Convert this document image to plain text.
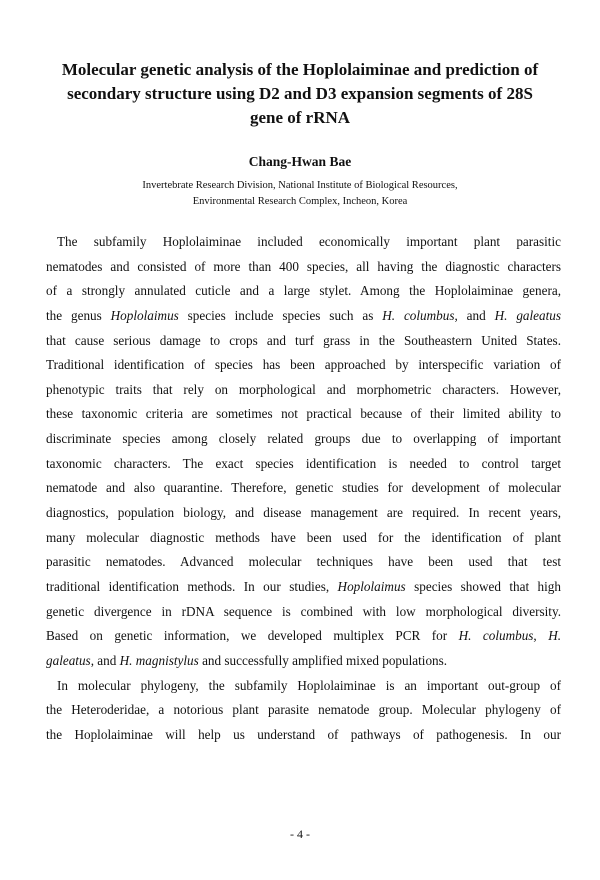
Molecular genetic analysis of the Hoplolaiminae and prediction of
secondary structure using D2 and D3 expansion segments of 28S
gene of rRNA

Chang-Hwan Bae

Invertebrate Research Division, National Institute of Biological Resources,
Environmental Research Complex, Incheon, Korea

The subfamily Hoplolaiminae included economically important plant parasitic
nematodes and consisted of more than 400 species, all having the diagnostic characters
of a strongly annulated cuticle and a large stylet. Among the Hoplolaiminae genera,
the genus Hoplolaimus species include species such as H. columbus, and H. galeatus
that cause serious damage to crops and turf grass in the Southeastern United States.
Traditional identification of species has been approached by interspecific variation of
phenotypic traits that rely on morphological and morphometric characters. However,
these taxonomic criteria are sometimes not practical because of their limited ability to
discriminate species among closely related groups due to overlapping of important
taxonomic characters. The exact species identification is needed to control target
nematode and also quarantine. Therefore, genetic studies for development of molecular
diagnostics, population biology, and disease management are required. In recent years,
many molecular diagnostic methods have been used for the identification of plant
parasitic nematodes. Advanced molecular techniques have been used that test
traditional identification methods. In our studies, Hoplolaimus species showed that high
genetic divergence in rDNA sequence is combined with low morphological diversity.
Based on genetic information, we developed multiplex PCR for H. columbus, H.
galeatus, and H. magnistylus and successfully amplified mixed populations.
In molecular phylogeny, the subfamily Hoplolaiminae is an important out-group of
the Heteroderidae, a notorious plant parasite nematode group. Molecular phylogeny of
the Hoplolaiminae will help us understand of pathways of pathogenesis. In our

- 4 -
